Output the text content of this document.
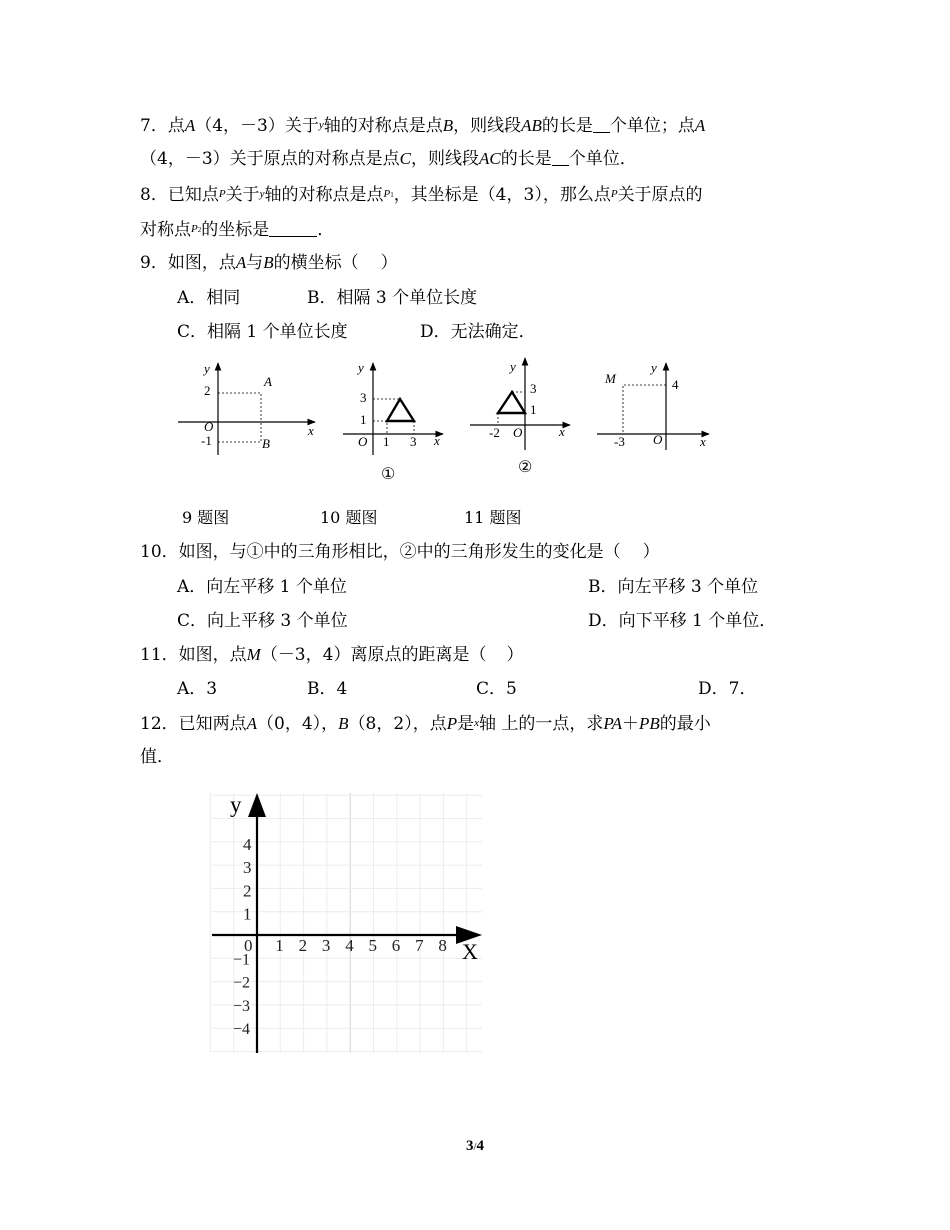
7．点A（4，－3）关于y轴的对称点是点B，则线段AB的长是 个单位；点A
（4，－3）关于原点的对称点是点C，则线段AC的长是 个单位．
8．已知点P关于y轴的对称点是点P1，其坐标是（4，3），那么点P关于原点的
对称点P2的坐标是	．
9．如图，点A与B的横坐标（ ）
A．相同	B．相隔 3 个单位长度
C．相隔 1 个单位长度	D．无法确定．
y
x
O
A
B
2
-1
y
x
O
3
1
1 3
①
y
x
O
3
1
-2
②
y
x
O
M	4
-3
9 题图	10 题图	11 题图
10．如图，与①中的三角形相比，②中的三角形发生的变化是（ ）
A．向左平移 1 个单位	B．向左平移 3 个单位
C．向上平移 3 个单位	D．向下平移 1 个单位．
11．如图，点M（－3，4）离原点的距离是（ ）
A．3	B．4	C．5	D．7．
12．已知两点A（0，4），B（8，2），点P是x轴 上的一点，求PA＋PB的最小
值．
y
X
0 1 2 3 4 5 6 7 8
4
3
2
1
−1
−2
−3
−4
3/4
